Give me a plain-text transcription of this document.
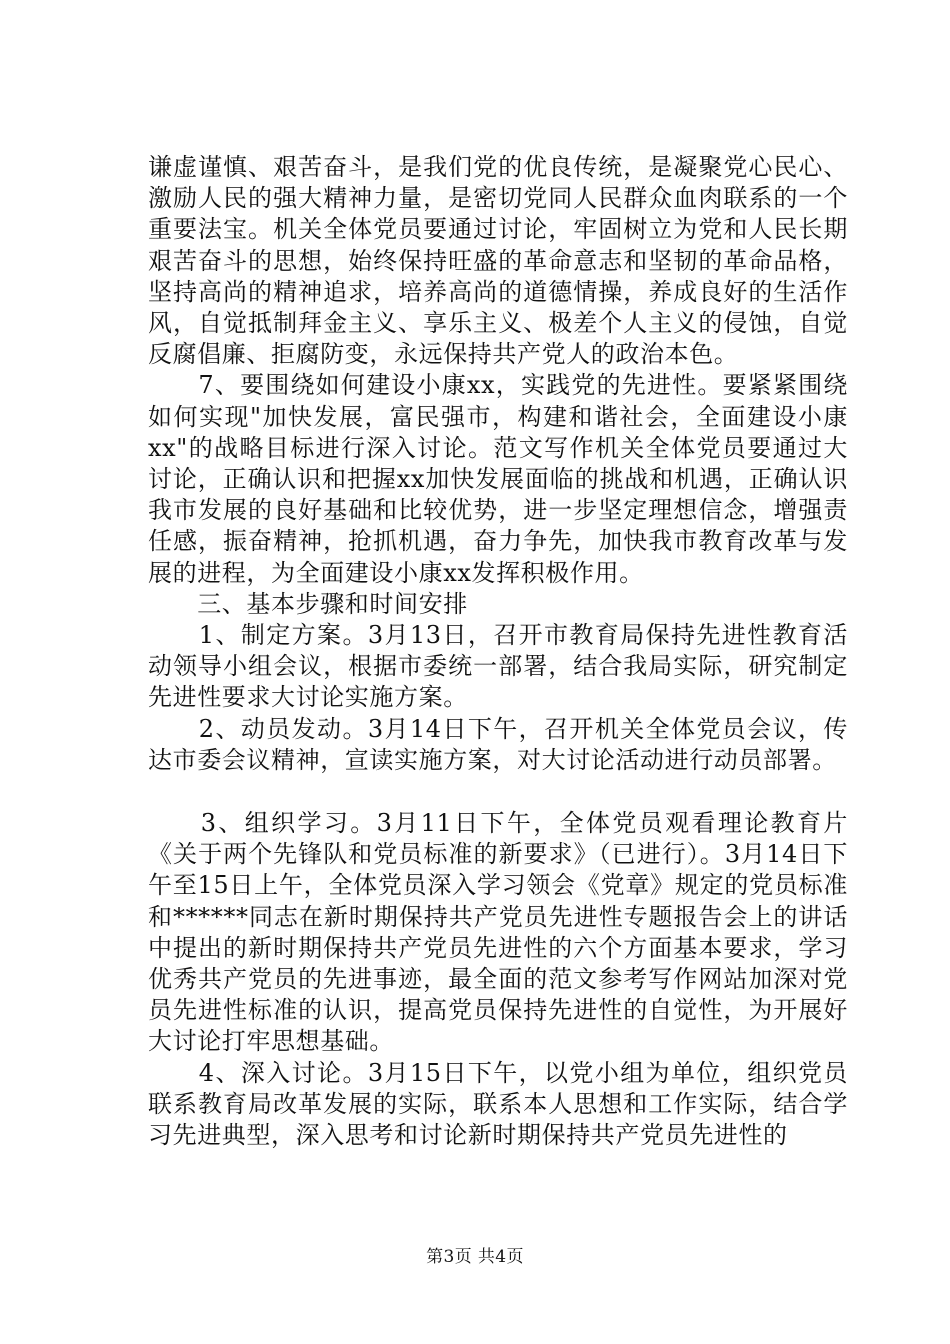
谦虚谨慎、艰苦奋斗，是我们党的优良传统，是凝聚党心民心、激励人民的强大精神力量，是密切党同人民群众血肉联系的一个重要法宝。机关全体党员要通过讨论，牢固树立为党和人民长期艰苦奋斗的思想，始终保持旺盛的革命意志和坚韧的革命品格，坚持高尚的精神追求，培养高尚的道德情操，养成良好的生活作风，自觉抵制拜金主义、享乐主义、极差个人主义的侵蚀，自觉反腐倡廉、拒腐防变，永远保持共产党人的政治本色。

　　7、要围绕如何建设小康xx，实践党的先进性。要紧紧围绕如何实现"加快发展，富民强市，构建和谐社会，全面建设小康xx"的战略目标进行深入讨论。范文写作机关全体党员要通过大讨论，正确认识和把握xx加快发展面临的挑战和机遇，正确认识我市发展的良好基础和比较优势，进一步坚定理想信念，增强责任感，振奋精神，抢抓机遇，奋力争先，加快我市教育改革与发展的进程，为全面建设小康xx发挥积极作用。

　　三、基本步骤和时间安排

　　1、制定方案。3月13日，召开市教育局保持先进性教育活动领导小组会议，根据市委统一部署，结合我局实际，研究制定先进性要求大讨论实施方案。

　　2、动员发动。3月14日下午，召开机关全体党员会议，传达市委会议精神，宣读实施方案，对大讨论活动进行动员部署。

　　3、组织学习。3月11日下午，全体党员观看理论教育片《关于两个先锋队和党员标准的新要求》（已进行）。3月14日下午至15日上午，全体党员深入学习领会《党章》规定的党员标准和******同志在新时期保持共产党员先进性专题报告会上的讲话中提出的新时期保持共产党员先进性的六个方面基本要求，学习优秀共产党员的先进事迹，最全面的范文参考写作网站加深对党员先进性标准的认识，提高党员保持先进性的自觉性，为开展好大讨论打牢思想基础。

　　4、深入讨论。3月15日下午，以党小组为单位，组织党员联系教育局改革发展的实际，联系本人思想和工作实际，结合学习先进典型，深入思考和讨论新时期保持共产党员先进性的

第3页 共4页
